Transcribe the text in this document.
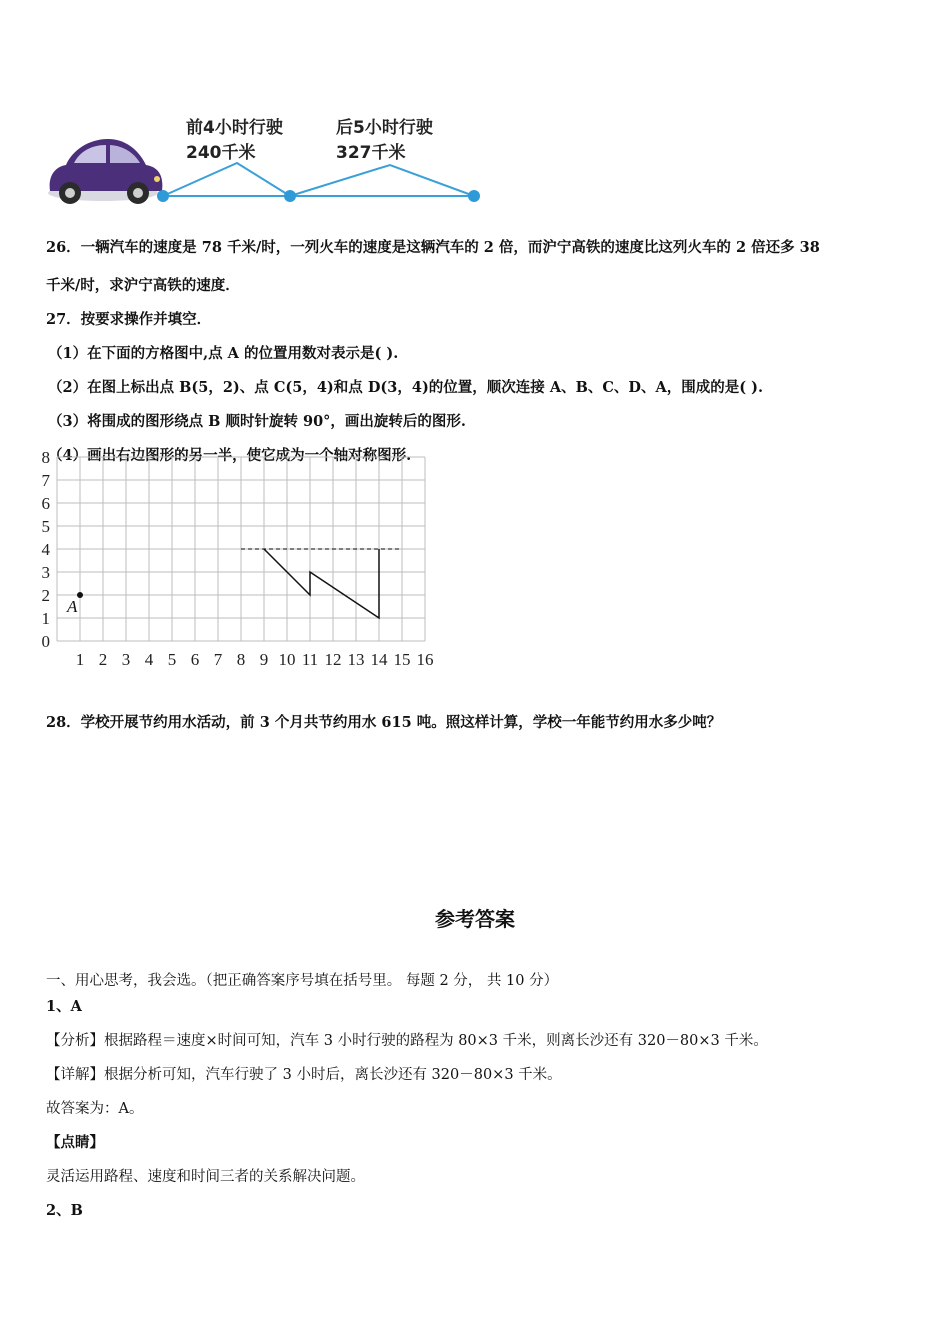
前4小时行驶
240千米
后5小时行驶
327千米
26．一辆汽车的速度是 78 千米/时，一列火车的速度是这辆汽车的 2 倍，而沪宁高铁的速度比这列火车的 2 倍还多 38
千米/时，求沪宁高铁的速度．
27．按要求操作并填空．
（1）在下面的方格图中,点 A 的位置用数对表示是( ).
（2）在图上标出点 B(5，2)、点 C(5，4)和点 D(3，4)的位置，顺次连接 A、B、C、D、A，围成的是( ).
（3）将围成的图形绕点 B 顺时针旋转 90°，画出旋转后的图形.
（4）画出右边图形的另一半，使它成为一个轴对称图形.
0
1
2
3
4
5
6
7
8
1 2 3 4 5 6 7 8 9 10 11 12 13 14 15 16
A
28．学校开展节约用水活动，前 3 个月共节约用水 615 吨。照这样计算，学校一年能节约用水多少吨？
参考答案
一、用心思考，我会选。（把正确答案序号填在括号里。 每题 2 分， 共 10 分）
1、A
【分析】根据路程＝速度×时间可知，汽车 3 小时行驶的路程为 80×3 千米，则离长沙还有 320－80×3 千米。
【详解】根据分析可知，汽车行驶了 3 小时后，离长沙还有 320－80×3 千米。
故答案为：A。
【点睛】
灵活运用路程、速度和时间三者的关系解决问题。
2、B
